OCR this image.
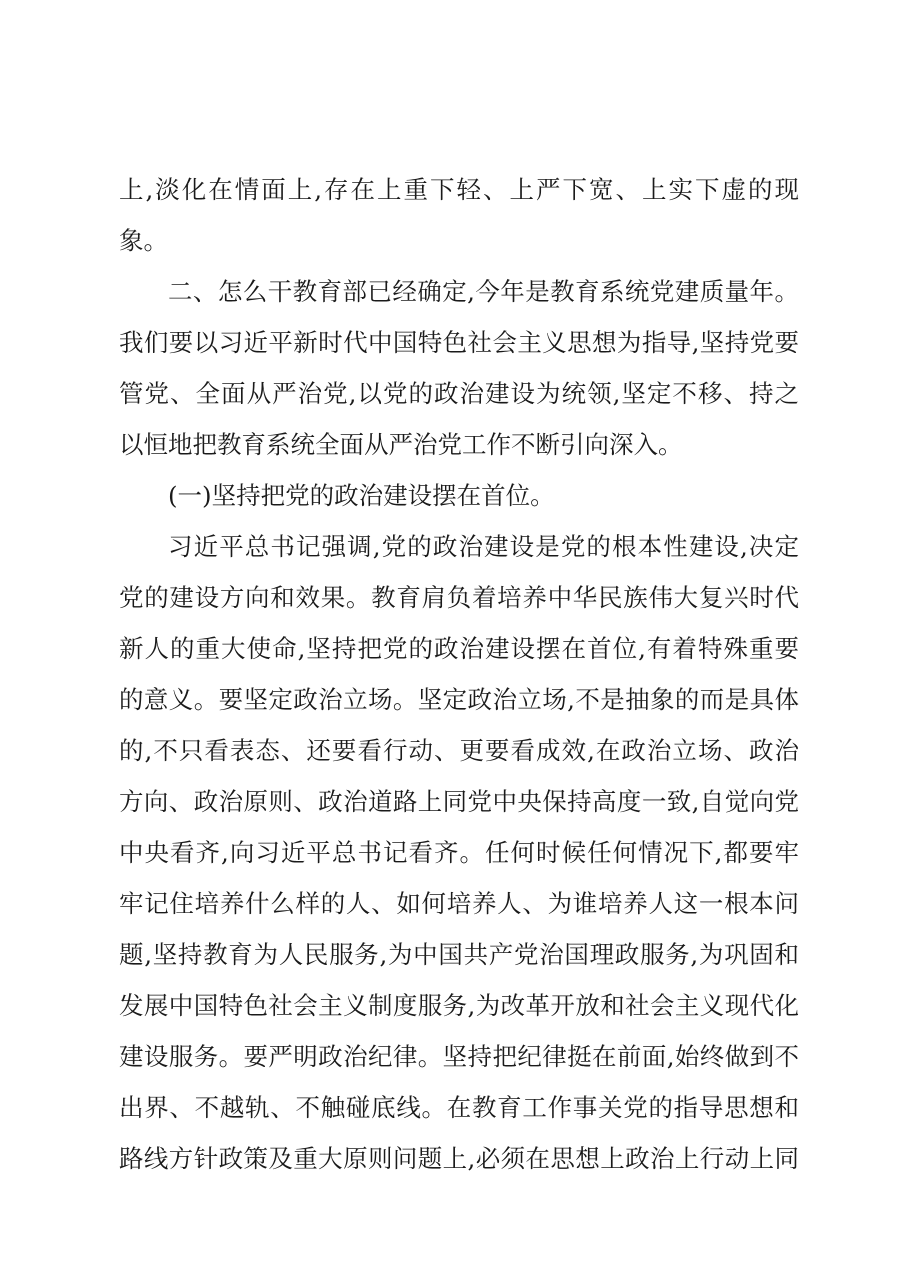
上,淡化在情面上,存在上重下轻、上严下宽、上实下虚的现
象。
二、怎么干教育部已经确定,今年是教育系统党建质量年。
我们要以习近平新时代中国特色社会主义思想为指导,坚持党要
管党、全面从严治党,以党的政治建设为统领,坚定不移、持之
以恒地把教育系统全面从严治党工作不断引向深入。
(一)坚持把党的政治建设摆在首位。
习近平总书记强调,党的政治建设是党的根本性建设,决定
党的建设方向和效果。教育肩负着培养中华民族伟大复兴时代
新人的重大使命,坚持把党的政治建设摆在首位,有着特殊重要
的意义。要坚定政治立场。坚定政治立场,不是抽象的而是具体
的,不只看表态、还要看行动、更要看成效,在政治立场、政治
方向、政治原则、政治道路上同党中央保持高度一致,自觉向党
中央看齐,向习近平总书记看齐。任何时候任何情况下,都要牢
牢记住培养什么样的人、如何培养人、为谁培养人这一根本问
题,坚持教育为人民服务,为中国共产党治国理政服务,为巩固和
发展中国特色社会主义制度服务,为改革开放和社会主义现代化
建设服务。要严明政治纪律。坚持把纪律挺在前面,始终做到不
出界、不越轨、不触碰底线。在教育工作事关党的指导思想和
路线方针政策及重大原则问题上,必须在思想上政治上行动上同
